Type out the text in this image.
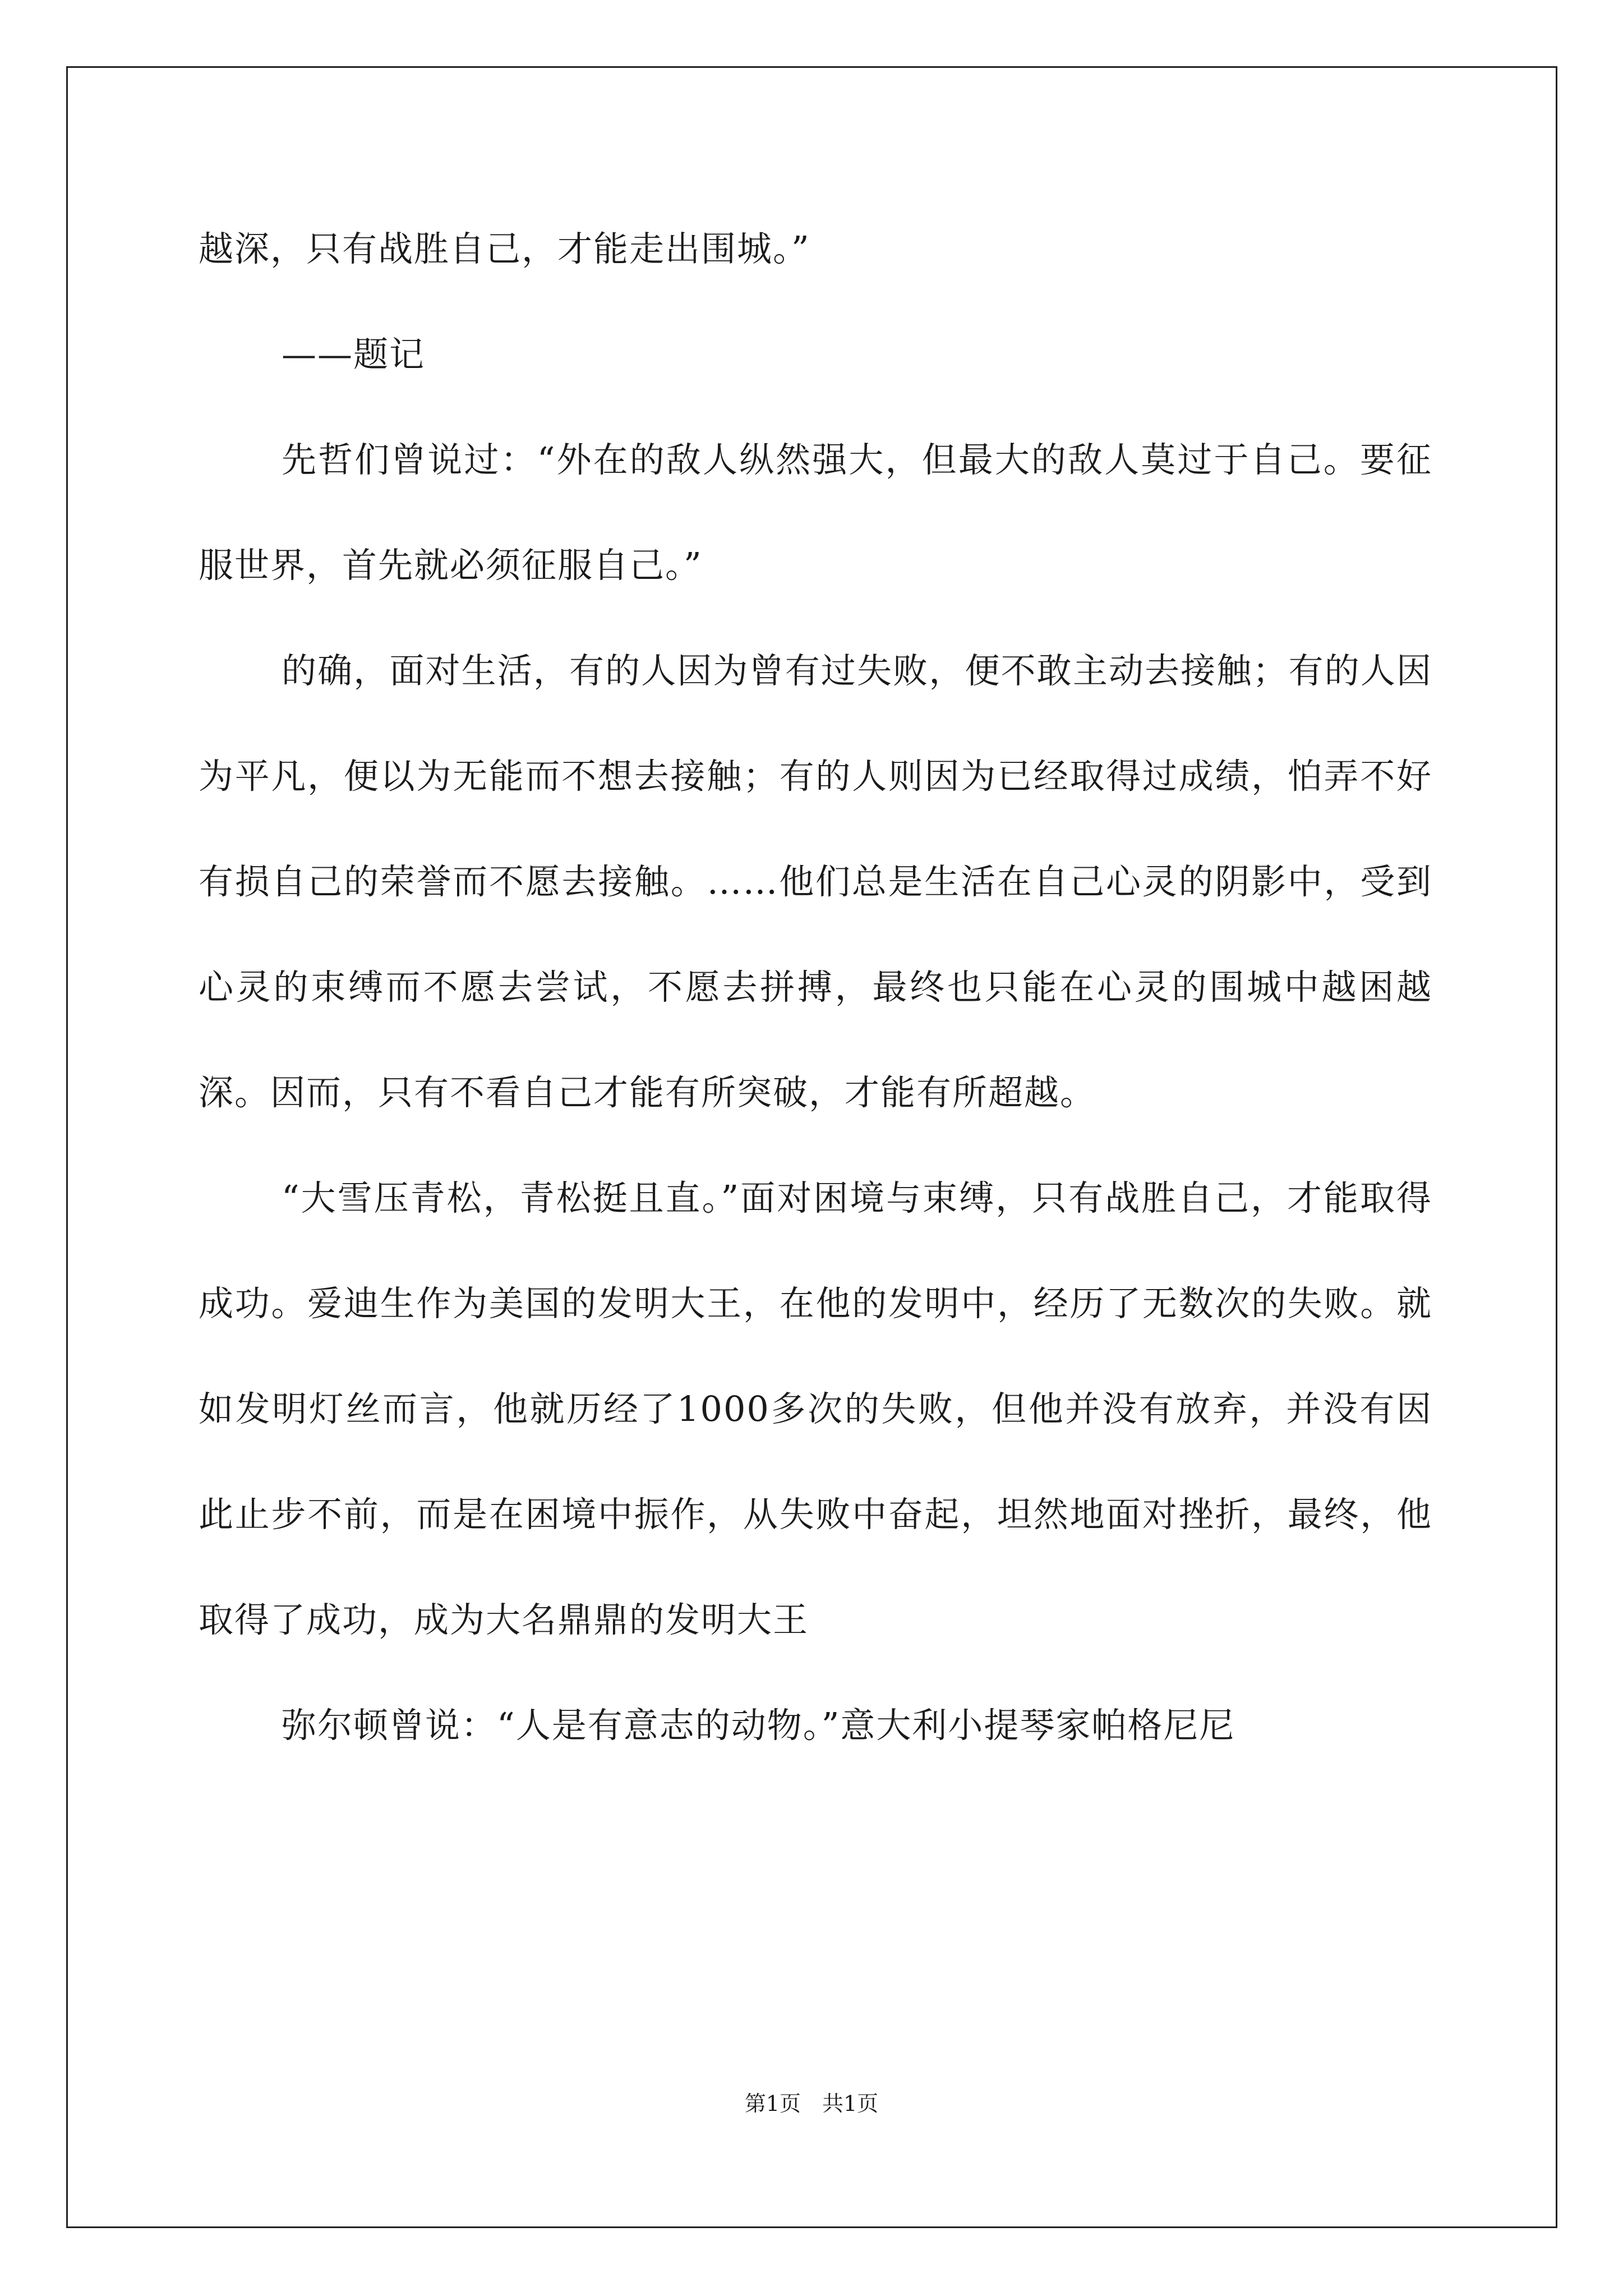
越深，只有战胜自己，才能走出围城。”

——题记

先哲们曾说过：“外在的敌人纵然强大，但最大的敌人莫过于自己。要征服世界，首先就必须征服自己。”

的确，面对生活，有的人因为曾有过失败，便不敢主动去接触；有的人因为平凡，便以为无能而不想去接触；有的人则因为已经取得过成绩，怕弄不好有损自己的荣誉而不愿去接触。……他们总是生活在自己心灵的阴影中，受到心灵的束缚而不愿去尝试，不愿去拼搏，最终也只能在心灵的围城中越困越深。因而，只有不看自己才能有所突破，才能有所超越。

“大雪压青松，青松挺且直。”面对困境与束缚，只有战胜自己，才能取得成功。爱迪生作为美国的发明大王，在他的发明中，经历了无数次的失败。就如发明灯丝而言，他就历经了1000多次的失败，但他并没有放弃，并没有因此止步不前，而是在困境中振作，从失败中奋起，坦然地面对挫折，最终，他取得了成功，成为大名鼎鼎的发明大王

弥尔顿曾说：“人是有意志的动物。”意大利小提琴家帕格尼尼

第1页　共1页
